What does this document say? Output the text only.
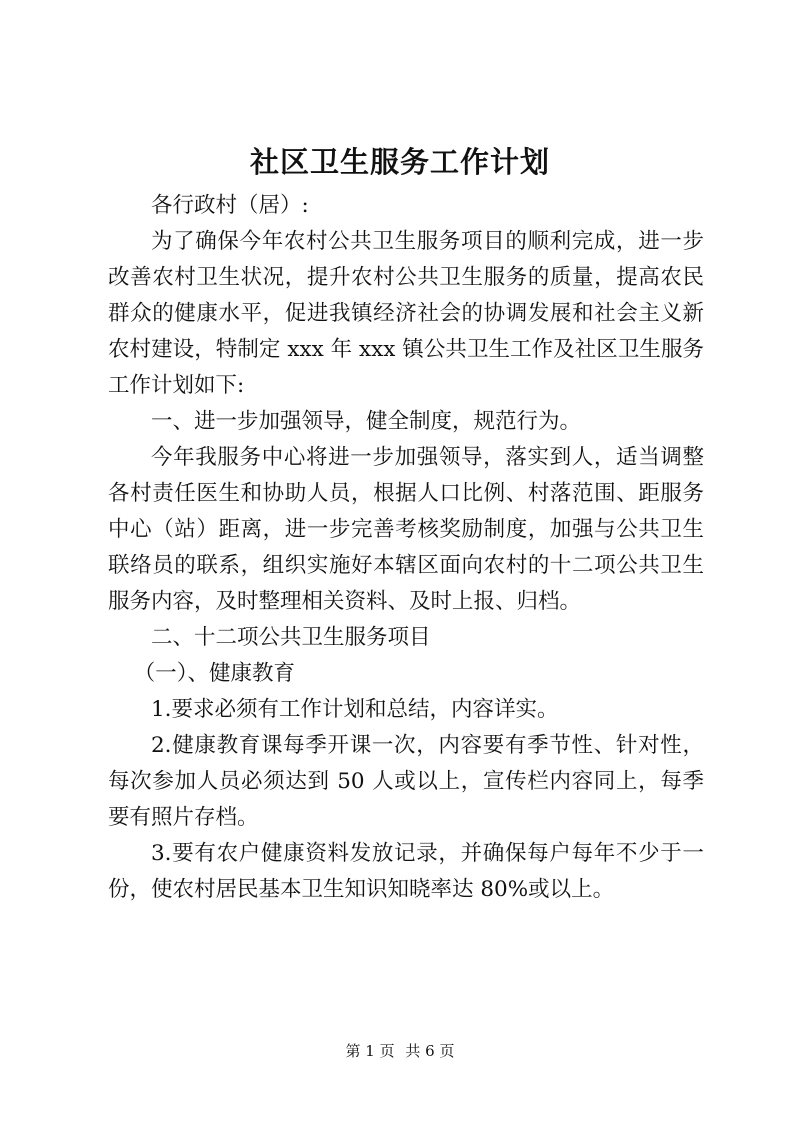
社区卫生服务工作计划

各行政村（居）:

为了确保今年农村公共卫生服务项目的顺利完成，进一步改善农村卫生状况，提升农村公共卫生服务的质量，提高农民群众的健康水平，促进我镇经济社会的协调发展和社会主义新农村建设，特制定 xxx 年 xxx 镇公共卫生工作及社区卫生服务工作计划如下:

一、进一步加强领导，健全制度，规范行为。

今年我服务中心将进一步加强领导，落实到人，适当调整各村责任医生和协助人员，根据人口比例、村落范围、距服务中心（站）距离，进一步完善考核奖励制度，加强与公共卫生联络员的联系，组织实施好本辖区面向农村的十二项公共卫生服务内容，及时整理相关资料、及时上报、归档。

二、十二项公共卫生服务项目

（一）、健康教育

1.要求必须有工作计划和总结，内容详实。

2.健康教育课每季开课一次，内容要有季节性、针对性，每次参加人员必须达到 50 人或以上，宣传栏内容同上，每季要有照片存档。

3.要有农户健康资料发放记录，并确保每户每年不少于一份，使农村居民基本卫生知识知晓率达 80%或以上。

第 1 页 共 6 页
